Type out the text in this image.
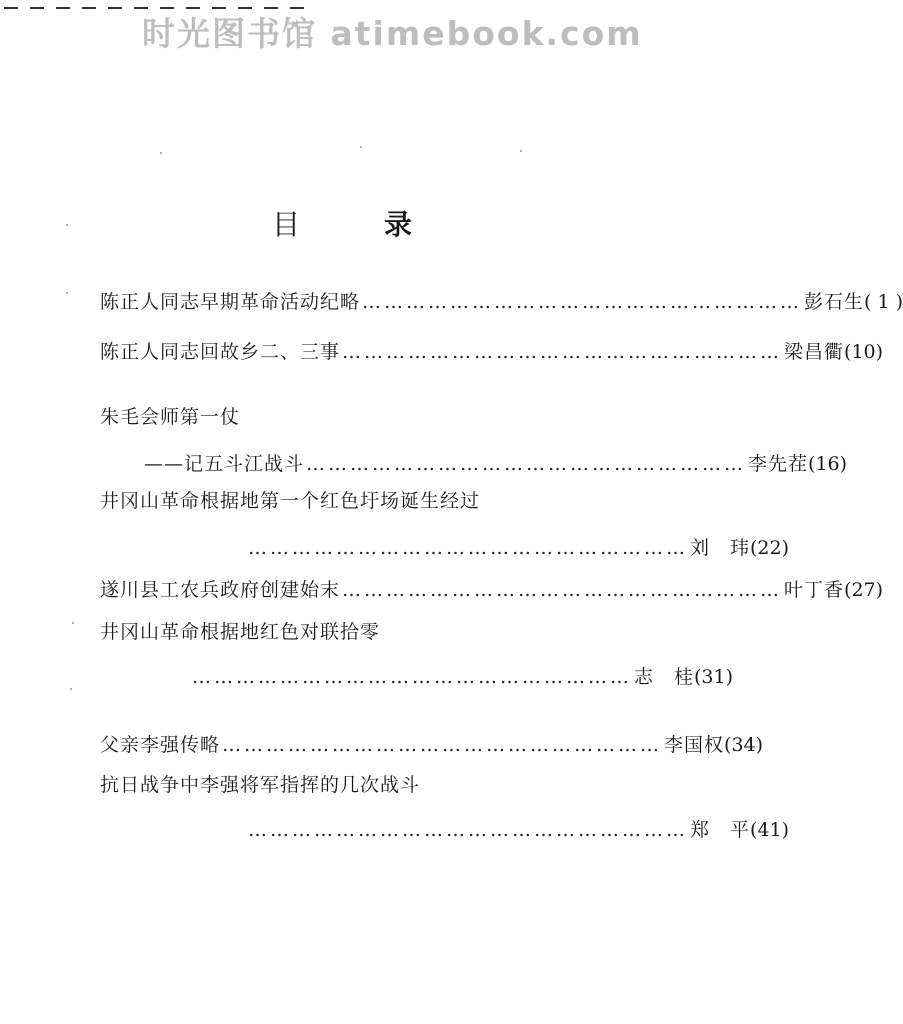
时光图书馆 atimebook.com
目	录
陈正人同志早期革命活动纪略 …………………………………………………… 彭石生 ( 1 )
陈正人同志回故乡二、三事 …………………………………………………… 梁昌衢 (10)
朱毛会师第一仗
——记五斗江战斗 …………………………………………………… 李先茬 (16)
井冈山革命根据地第一个红色圩场诞生经过
…………………………………………………… 刘　玮 (22)
遂川县工农兵政府创建始末 …………………………………………………… 叶丁香 (27)
井冈山革命根据地红色对联拾零
…………………………………………………… 志　桂 (31)
父亲李强传略 …………………………………………………… 李国权 (34)
抗日战争中李强将军指挥的几次战斗
…………………………………………………… 郑　平 (41)
